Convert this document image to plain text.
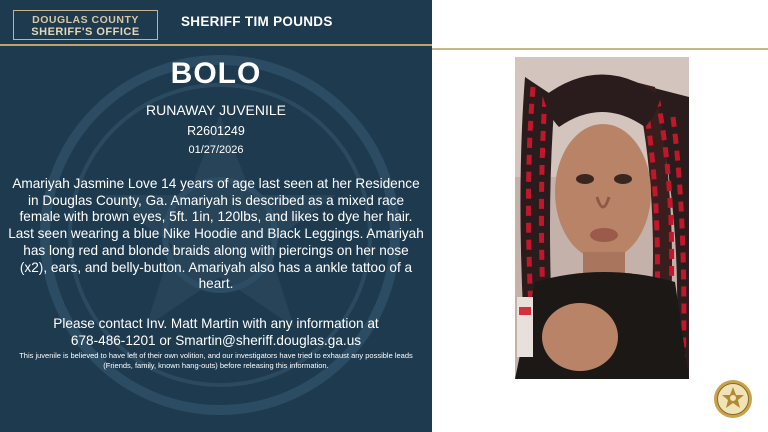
DOUGLAS COUNTY
SHERIFF'S OFFICE
SHERIFF TIM POUNDS
BOLO
RUNAWAY JUVENILE
R2601249
01/27/2026
Amariyah Jasmine Love 14 years of age last seen at her Residence in Douglas County, Ga. Amariyah is described as a mixed race female with brown eyes, 5ft. 1in, 120lbs, and likes to dye her hair. Last seen wearing a blue Nike Hoodie and Black Leggings. Amariyah has long red and blonde braids along with piercings on her nose (x2), ears, and belly-button. Amariyah also has a ankle tattoo of a heart.
Please contact Inv. Matt Martin with any information at
678-486-1201 or Smartin@sheriff.douglas.ga.us
This juvenile is believed to have left of their own volition, and our investigators have tried to exhaust any possible leads (Friends, family, known hang-outs) before releasing this information.
